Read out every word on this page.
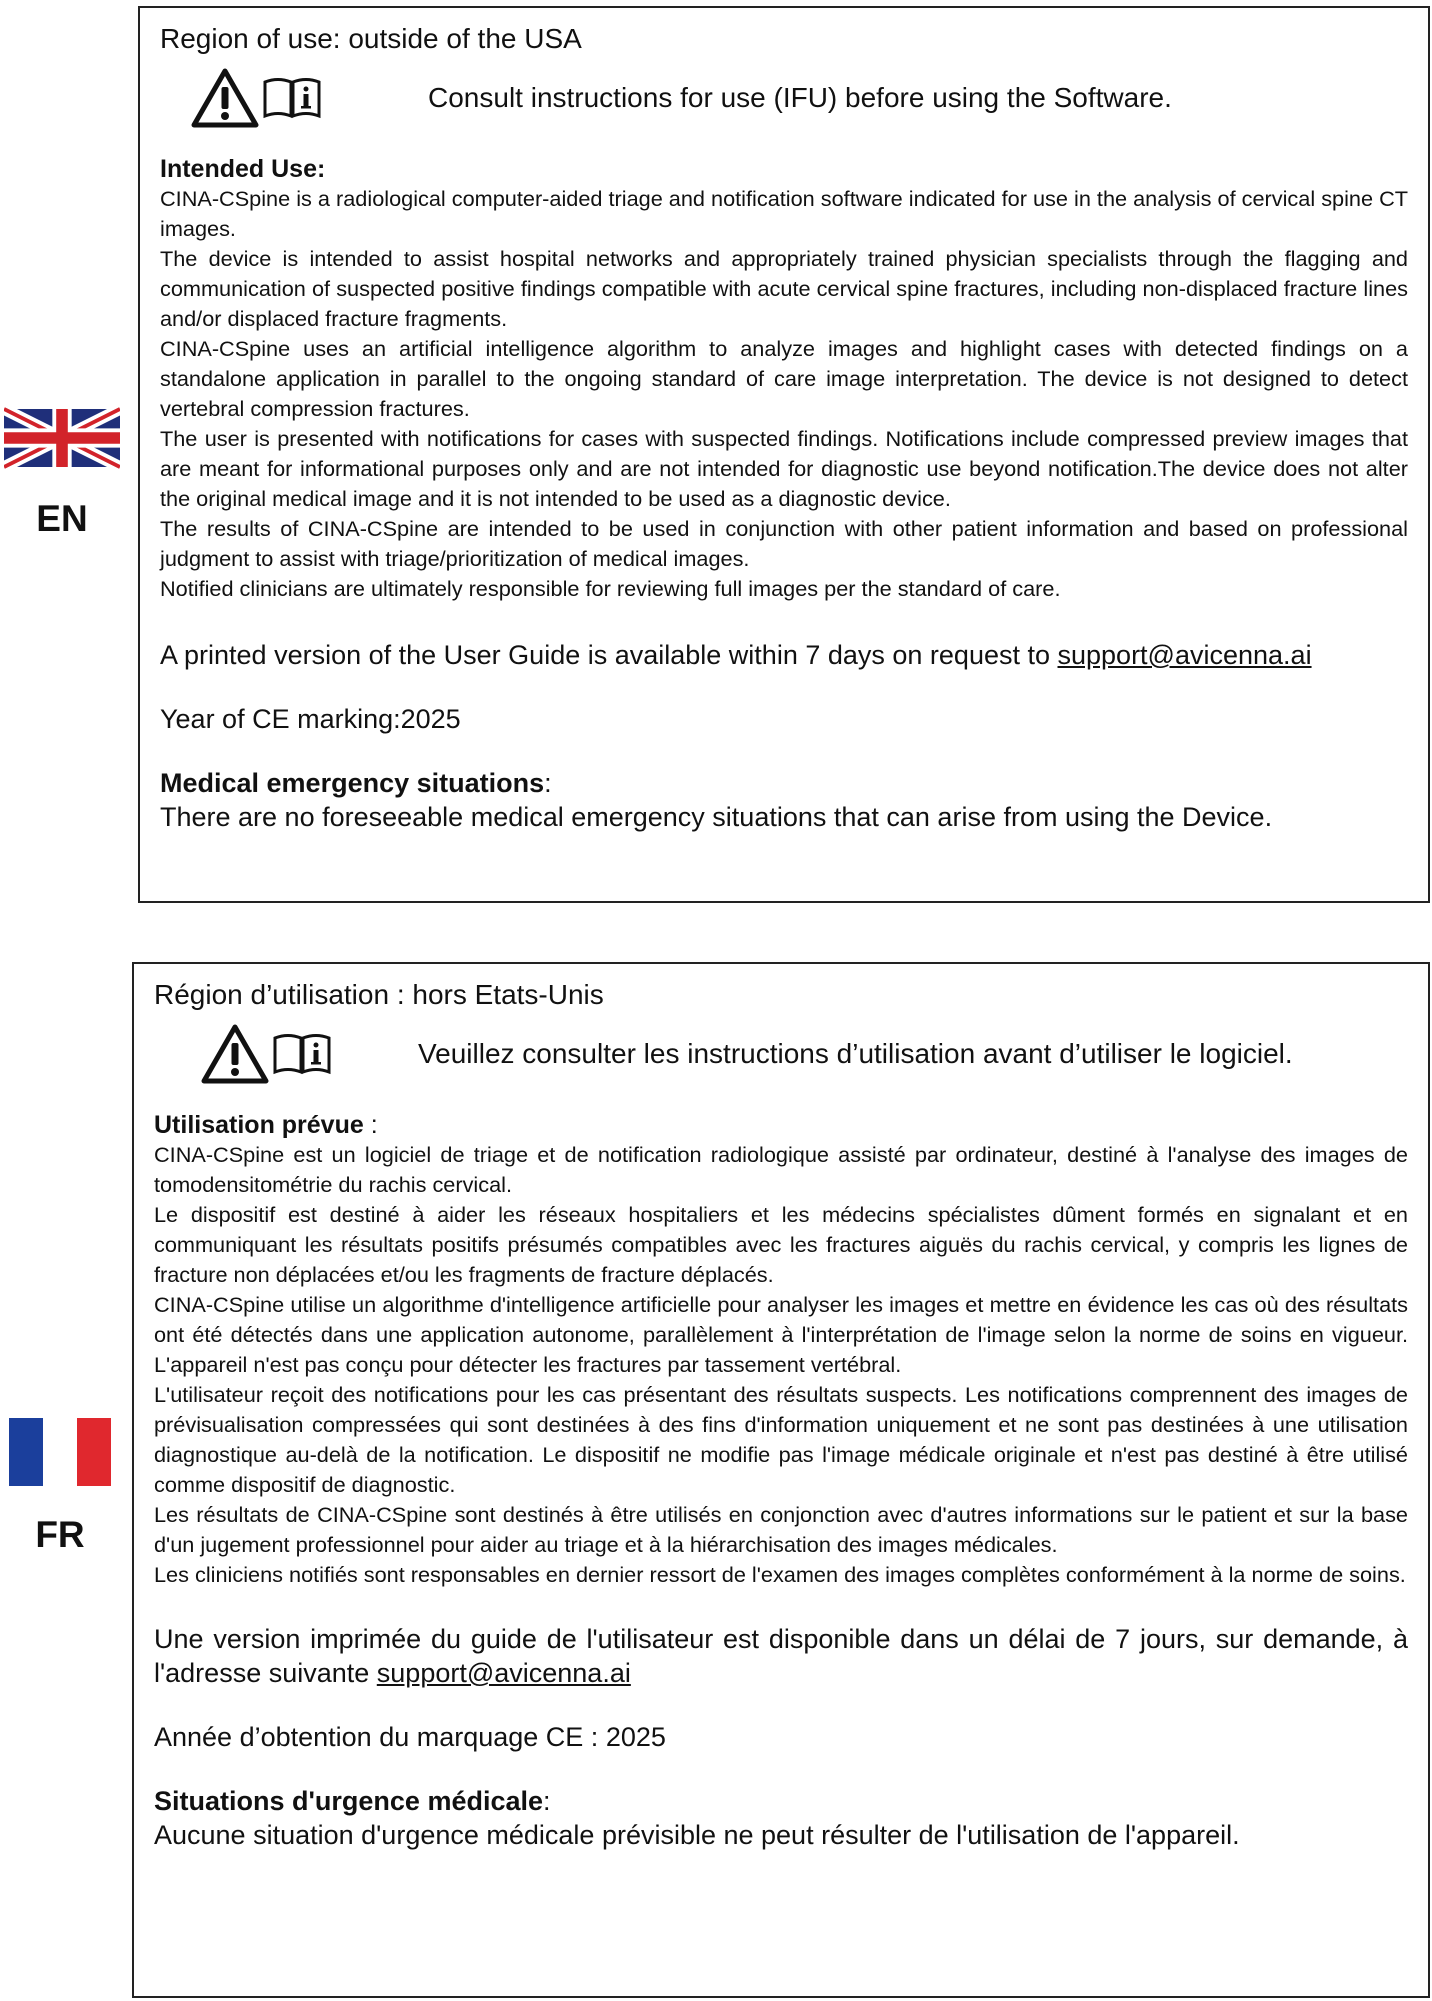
EN
Region of use: outside of the USA
Consult instructions for use (IFU) before using the Software.
Intended Use:

CINA-CSpine is a radiological computer-aided triage and notification software indicated for use in the analysis of cervical spine CT images.

The device is intended to assist hospital networks and appropriately trained physician specialists through the flagging and communication of suspected positive findings compatible with acute cervical spine fractures, including non-displaced fracture lines and/or displaced fracture fragments.

CINA-CSpine uses an artificial intelligence algorithm to analyze images and highlight cases with detected findings on a standalone application in parallel to the ongoing standard of care image interpretation. The device is not designed to detect vertebral compression fractures.

The user is presented with notifications for cases with suspected findings. Notifications include compressed preview images that are meant for informational purposes only and are not intended for diagnostic use beyond notification.The device does not alter the original medical image and it is not intended to be used as a diagnostic device.

The results of CINA-CSpine are intended to be used in conjunction with other patient information and based on professional judgment to assist with triage/prioritization of medical images.

Notified clinicians are ultimately responsible for reviewing full images per the standard of care.

A printed version of the User Guide is available within 7 days on request to support@avicenna.ai
Year of CE marking:2025
Medical emergency situations:
There are no foreseeable medical emergency situations that can arise from using the Device.
FR
Région d’utilisation : hors Etats-Unis
Veuillez consulter les instructions d’utilisation avant d’utiliser le logiciel.
Utilisation prévue :

CINA-CSpine est un logiciel de triage et de notification radiologique assisté par ordinateur, destiné à l'analyse des images de tomodensitométrie du rachis cervical.

Le dispositif est destiné à aider les réseaux hospitaliers et les médecins spécialistes dûment formés en signalant et en communiquant les résultats positifs présumés compatibles avec les fractures aiguës du rachis cervical, y compris les lignes de fracture non déplacées et/ou les fragments de fracture déplacés.

CINA-CSpine utilise un algorithme d'intelligence artificielle pour analyser les images et mettre en évidence les cas où des résultats ont été détectés dans une application autonome, parallèlement à l'interprétation de l'image selon la norme de soins en vigueur. L'appareil n'est pas conçu pour détecter les fractures par tassement vertébral.

L'utilisateur reçoit des notifications pour les cas présentant des résultats suspects. Les notifications comprennent des images de prévisualisation compressées qui sont destinées à des fins d'information uniquement et ne sont pas destinées à une utilisation diagnostique au-delà de la notification. Le dispositif ne modifie pas l'image médicale originale et n'est pas destiné à être utilisé comme dispositif de diagnostic.

Les résultats de CINA-CSpine sont destinés à être utilisés en conjonction avec d'autres informations sur le patient et sur la base d'un jugement professionnel pour aider au triage et à la hiérarchisation des images médicales.

Les cliniciens notifiés sont responsables en dernier ressort de l'examen des images complètes conformément à la norme de soins.

Une version imprimée du guide de l'utilisateur est disponible dans un délai de 7 jours, sur demande, à l'adresse suivante support@avicenna.ai
Année d’obtention du marquage CE : 2025
Situations d'urgence médicale:
Aucune situation d'urgence médicale prévisible ne peut résulter de l'utilisation de l'appareil.
